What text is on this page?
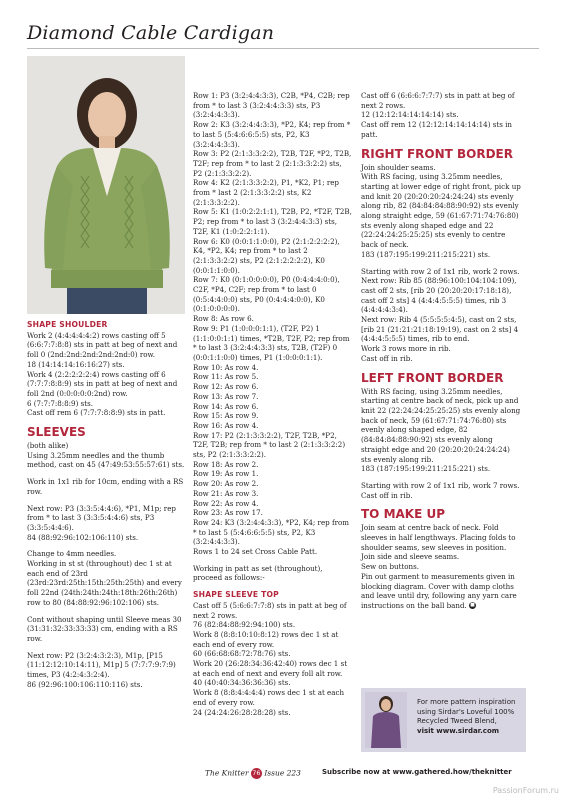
Diamond Cable Cardigan
SHAPE SHOULDER

Work 2 (4:4:4:4:4:2) rows casting off 5 (6:6:7:7:8:8) sts in patt at beg of next and foll 0 (2nd:2nd:2nd:2nd:2nd:0) row.
18 (14:14:14:16:16:27) sts.
Work 4 (2:2:2:2:2:4) rows casting off 6 (7:7:7:8:8:9) sts in patt at beg of next and foll 2nd (0:0:0:0:0:2nd) row.
6 (7:7:7:8:8:9) sts.
Cast off rem 6 (7:7:7:8:8:9) sts in patt.

SLEEVES

(both alike)
Using 3.25mm needles and the thumb method, cast on 45 (47:49:53:55:57:61) sts.

Work in 1x1 rib for 10cm, ending with a RS row.

Next row: P3 (3:3:5:4:4:6), *P1, M1p; rep from * to last 3 (3:3:5:4:4:6) sts, P3 (3:3:5:4:4:6).
84 (88:92:96:102:106:110) sts.

Change to 4mm needles.
Working in st st (throughout) dec 1 st at each end of 23rd (23rd:23rd:25th:15th:25th:25th) and every foll 22nd (24th:24th:24th:18th:26th:26th) row to 80 (84:88:92:96:102:106) sts.

Cont without shaping until Sleeve meas 30 (31:31:32:33:33:33) cm, ending with a RS row.

Next row: P2 (3:2:4:3:2:3), M1p, [P15 (11:12:12:10:14:11), M1p] 5 (7:7:7:9:7:9) times, P3 (4:2:4:3:2:4).
86 (92:96:100:106:110:116) sts.

Row 1: P3 (3:2:4:4:3:3), C2B, *P4, C2B; rep from * to last 3 (3:2:4:4:3:3) sts, P3 (3:2:4:4:3:3).
Row 2: K3 (3:2:4:4:3:3), *P2, K4; rep from * to last 5 (5:4:6:6:5:5) sts, P2, K3 (3:2:4:4:3:3).
Row 3: P2 (2:1:3:3:2:2), T2B, T2F, *P2, T2B, T2F; rep from * to last 2 (2:1:3:3:2:2) sts, P2 (2:1:3:3:2:2).
Row 4: K2 (2:1:3:3:2:2), P1, *K2, P1; rep from * last 2 (2:1:3:3:2:2) sts, K2 (2:1:3:3:2:2).
Row 5: K1 (1:0:2:2:1:1), T2B, P2, *T2F, T2B, P2; rep from * to last 3 (3:2:4:4:3:3) sts, T2F, K1 (1:0:2:2:1:1).
Row 6: K0 (0:0:1:1:0:0), P2 (2:1:2:2:2:2), K4, *P2, K4; rep from * to last 2 (2:1:3:3:2:2) sts, P2 (2:1:2:2:2:2), K0 (0:0:1:1:0:0).
Row 7: K0 (0:1:0:0:0:0), P0 (0:4:4:4:0:0), C2F, *P4, C2F; rep from * to last 0 (0:5:4:4:0:0) sts, P0 (0:4:4:4:0:0), K0 (0:1:0:0:0:0).
Row 8: As row 6.
Row 9: P1 (1:0:0:0:1:1), (T2F, P2) 1 (1:1:0:0:1:1) times, *T2B, T2F, P2; rep from * to last 3 (3:2:4:4:3:3) sts, T2B, (T2F) 0 (0:0:1:1:0:0) times, P1 (1:0:0:0:1:1).
Row 10: As row 4.
Row 11: As row 5.
Row 12: As row 6.
Row 13: As row 7.
Row 14: As row 6.
Row 15: As row 9.
Row 16: As row 4.
Row 17: P2 (2:1:3:3:2:2), T2F, T2B, *P2, T2F, T2B; rep from * to last 2 (2:1:3:3:2:2) sts, P2 (2:1:3:3:2:2).
Row 18: As row 2.
Row 19: As row 1.
Row 20: As row 2.
Row 21: As row 3.
Row 22: As row 4.
Row 23: As row 17.
Row 24: K3 (3:2:4:4:3:3), *P2, K4; rep from * to last 5 (5:4:6:6:5:5) sts, P2, K3 (3:2:4:4:3:3).

Rows 1 to 24 set Cross Cable Patt.

Working in patt as set (throughout), proceed as follows:-

SHAPE SLEEVE TOP
Cast off 5 (5:6:6:7:7:8) sts in patt at beg of next 2 rows.
76 (82:84:88:92:94:100) sts.
Work 8 (8:8:10:10:8:12) rows dec 1 st at each end of every row.
60 (66:68:68:72:78:76) sts.
Work 20 (26:28:34:36:42:40) rows dec 1 st at each end of next and every foll alt row.
40 (40:40:34:36:36:36) sts.
Work 8 (8:8:4:4:4:4) rows dec 1 st at each end of every row.
24 (24:24:26:28:28:28) sts.

Cast off 6 (6:6:6:7:7:7) sts in patt at beg of next 2 rows.
12 (12:12:14:14:14:14) sts.
Cast off rem 12 (12:12:14:14:14:14) sts in patt.

RIGHT FRONT BORDER

Join shoulder seams.
With RS facing, using 3.25mm needles, starting at lower edge of right front, pick up and knit 20 (20:20:20:24:24:24) sts evenly along rib, 82 (84:84:84:88:90:92) sts evenly along straight edge, 59 (61:67:71:74:76:80) sts evenly along shaped edge and 22 (22:24:24:25:25:25) sts evenly to centre back of neck.
183 (187:195:199:211:215:221) sts.

Starting with row 2 of 1x1 rib, work 2 rows.
Next row: Rib 85 (88:96:100:104:104:109), cast off 2 sts, [rib 20 (20:20:20:17:18:18), cast off 2 sts] 4 (4:4:4:5:5:5) times, rib 3 (4:4:4:4:3:4).
Next row: Rib 4 (5:5:5:5:4:5), cast on 2 sts, [rib 21 (21:21:21:18:19:19), cast on 2 sts] 4 (4:4:4:5:5:5) times, rib to end.
Work 3 rows more in rib.
Cast off in rib.

LEFT FRONT BORDER

With RS facing, using 3.25mm needles, starting at centre back of neck, pick up and knit 22 (22:24:24:25:25:25) sts evenly along back of neck, 59 (61:67:71:74:76:80) sts evenly along shaped edge, 82 (84:84:84:88:90:92) sts evenly along straight edge and 20 (20:20:20:24:24:24) sts evenly along rib.
183 (187:195:199:211:215:221) sts.

Starting with row 2 of 1x1 rib, work 7 rows. Cast off in rib.

TO MAKE UP

Join seam at centre back of neck. Fold sleeves in half lengthways. Placing folds to shoulder seams, sew sleeves in position.
Join side and sleeve seams.
Sew on buttons.
Pin out garment to measurements given in blocking diagram. Cover with damp cloths and leave until dry, following any yarn care instructions on the ball band. ■

For more pattern inspiration using Sirdar's Loveful 100% Recycled Tweed Blend,
visit www.sirdar.com
The Knitter 76 Issue 223	Subscribe now at www.gathered.how/theknitter
PassionForum.ru
